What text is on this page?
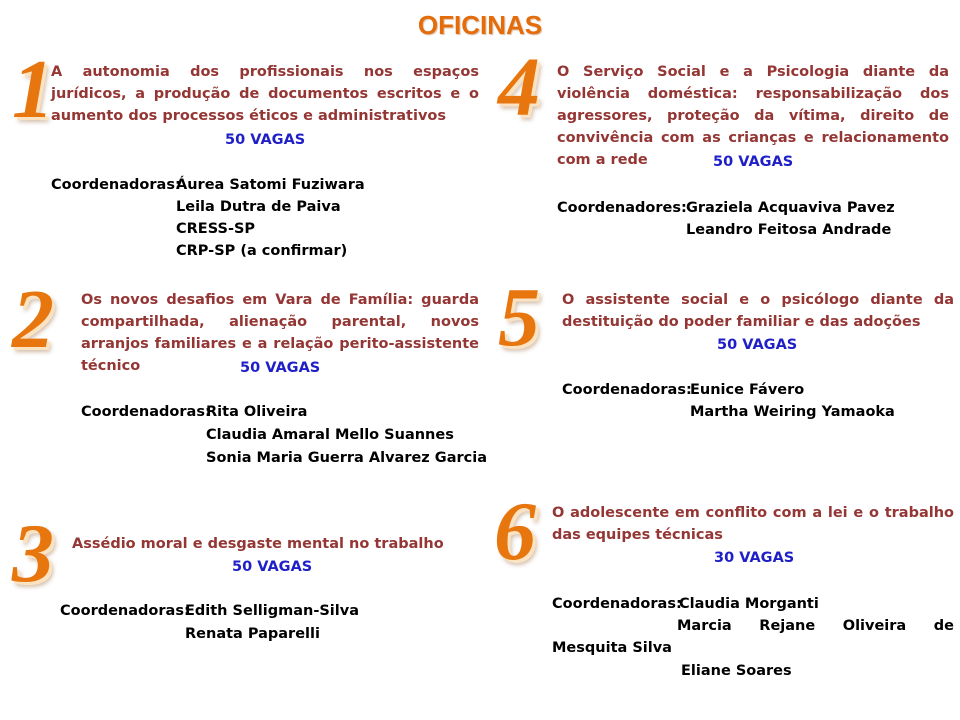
OFICINAS
1
A autonomia dos profissionais nos espaços jurídicos, a produção de documentos escritos e o aumento dos processos éticos e administrativos
50 VAGAS
Coordenadoras:
Áurea Satomi Fuziwara
Leila Dutra de Paiva
CRESS-SP
CRP-SP (a confirmar)
2 Os novos desafios em Vara de Família: guarda compartilhada, alienação parental, novos arranjos familiares e a relação perito-assistente técnico	50 VAGAS
Coordenadoras:
Rita Oliveira
Claudia Amaral Mello Suannes
Sonia Maria Guerra Alvarez Garcia
3 Assédio moral e desgaste mental no trabalho
50 VAGAS
Coordenadoras:
Edith Selligman-Silva
Renata Paparelli
4 O Serviço Social e a Psicologia diante da violência doméstica: responsabilização dos agressores, proteção da vítima, direito de convivência com as crianças e relacionamento com a rede	50 VAGAS
Coordenadores: Graziela Acquaviva Pavez
Leandro Feitosa Andrade
5 O assistente social e o psicólogo diante da destituição do poder familiar e das adoções
50 VAGAS
Coordenadoras:
Eunice Fávero
Martha Weiring Yamaoka
6 O adolescente em conflito com a lei e o trabalho das equipes técnicas
30 VAGAS
Coordenadoras:
Claudia Morganti
Marcia Rejane Oliveira de
Mesquita Silva
Eliane Soares
